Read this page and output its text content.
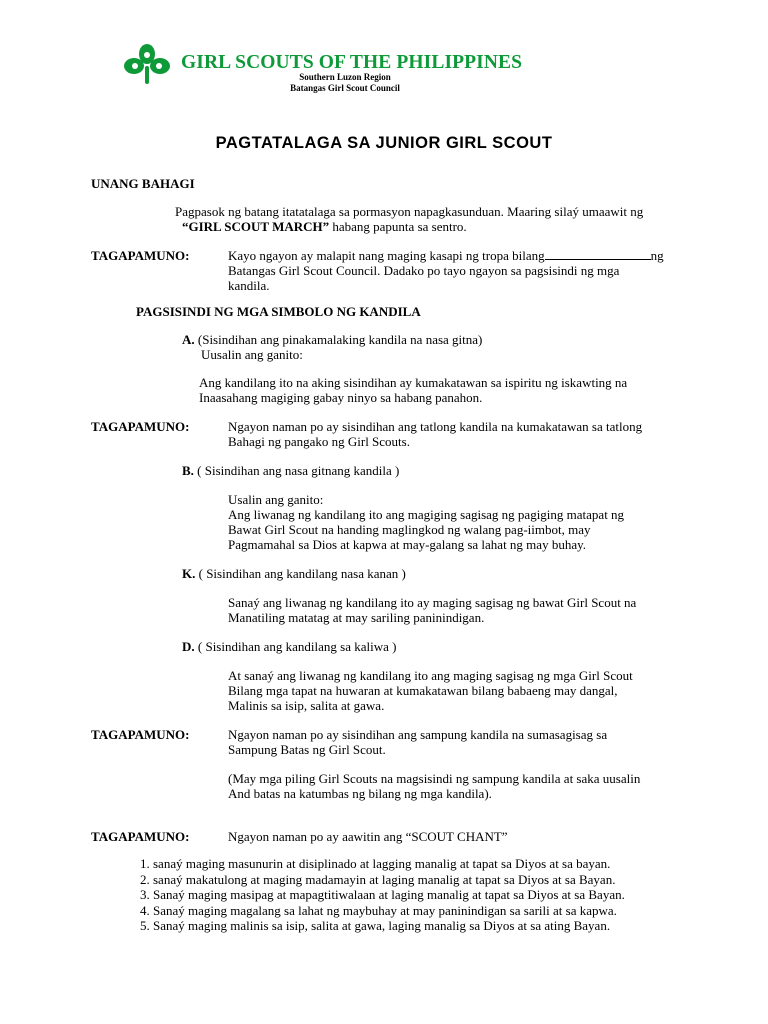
GIRL SCOUTS OF THE PHILIPPINES
Southern Luzon Region
Batangas Girl Scout Council
PAGTATALAGA SA JUNIOR GIRL SCOUT
UNANG BAHAGI
Pagpasok ng batang itatatalaga sa pormasyon napagkasunduan. Maaring silaý umaawit ng
“GIRL SCOUT MARCH” habang papunta sa sentro.
TAGAPAMUNO:	Kayo ngayon ay malapit nang maging kasapi ng tropa bilang	ng
Batangas Girl Scout Council. Dadako po tayo ngayon sa pagsisindi ng mga
kandila.
PAGSISINDI NG MGA SIMBOLO NG KANDILA
A. (Sisindihan ang pinakamalaking kandila na nasa gitna)
Uusalin ang ganito:
Ang kandilang ito na aking sisindihan ay kumakatawan sa ispiritu ng iskawting na
Inaasahang magiging gabay ninyo sa habang panahon.
TAGAPAMUNO:	Ngayon naman po ay sisindihan ang tatlong kandila na kumakatawan sa tatlong
Bahagi ng pangako ng Girl Scouts.
B. ( Sisindihan ang nasa gitnang kandila )
Usalin ang ganito:
Ang liwanag ng kandilang ito ang magiging sagisag ng pagiging matapat ng
Bawat Girl Scout na handing maglingkod ng walang pag-iimbot, may
Pagmamahal sa Dios at kapwa at may-galang sa lahat ng may buhay.
K. ( Sisindihan ang kandilang nasa kanan )
Sanaý ang liwanag ng kandilang ito ay maging sagisag ng bawat Girl Scout na
Manatiling matatag at may sariling paninindigan.
D. ( Sisindihan ang kandilang sa kaliwa )
At sanaý ang liwanag ng kandilang ito ang maging sagisag ng mga Girl Scout
Bilang mga tapat na huwaran at kumakatawan bilang babaeng may dangal,
Malinis sa isip, salita at gawa.
TAGAPAMUNO:	Ngayon naman po ay sisindihan ang sampung kandila na sumasagisag sa
Sampung Batas ng Girl Scout.
(May mga piling Girl Scouts na magsisindi ng sampung kandila at saka uusalin
And batas na katumbas ng bilang ng mga kandila).
TAGAPAMUNO:	Ngayon naman po ay aawitin ang “SCOUT CHANT”
1. sanaý maging masunurin at disiplinado at lagging manalig at tapat sa Diyos at sa bayan.
2. sanaý makatulong at maging madamayin at laging manalig at tapat sa Diyos at sa Bayan.
3. Sanaý maging masipag at mapagtitiwalaan at laging manalig at tapat sa Diyos at sa Bayan.
4. Sanaý maging magalang sa lahat ng maybuhay at may paninindigan sa sarili at sa kapwa.
5. Sanaý maging malinis sa isip, salita at gawa, laging manalig sa Diyos at sa ating Bayan.
